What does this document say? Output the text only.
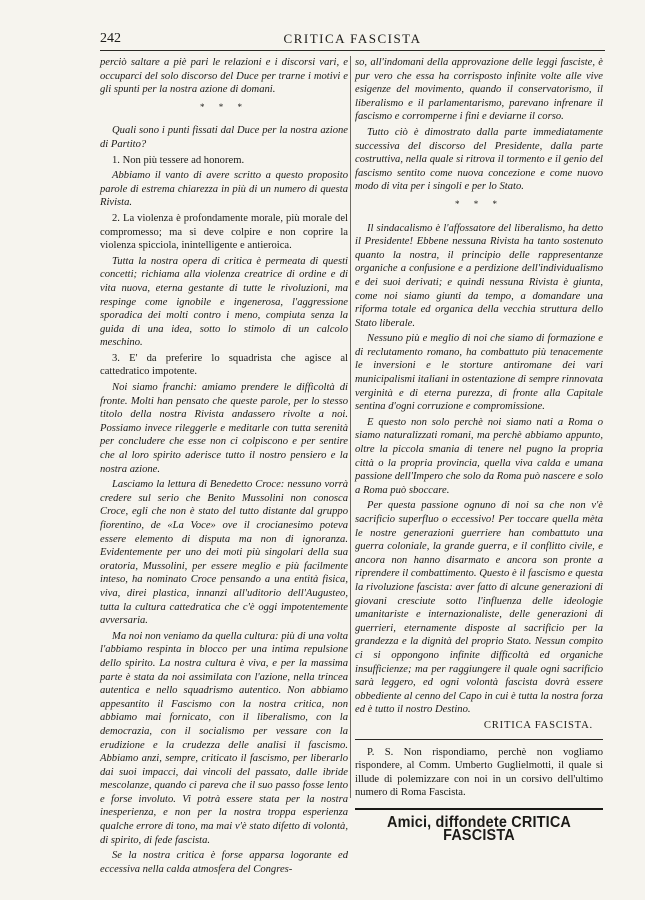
242	CRITICA FASCISTA

perciò saltare a piè pari le relazioni e i discorsi vari, e occuparci del solo discorso del Duce per trarne i motivi e gli spunti per la nostra azione di domani.

* * *

Quali sono i punti fissati dal Duce per la nostra azione di Partito?

1. Non più tessere ad honorem.

Abbiamo il vanto di avere scritto a questo proposito parole di estrema chiarezza in più di un numero di questa Rivista.

2. La violenza è profondamente morale, più morale del compromesso; ma si deve colpire e non coprire la violenza spicciola, inintelligente e antieroica.

Tutta la nostra opera di critica è permeata di questi concetti; richiama alla violenza creatrice di ordine e di vita nuova, eterna gestante di tutte le rivoluzioni, ma respinge come ignobile e ingenerosa, l'aggressione sporadica dei molti contro i meno, compiuta senza la guida di una idea, sotto lo stimolo di un calcolo meschino.

3. E' da preferire lo squadrista che agisce al cattedratico impotente.

Noi siamo franchi: amiamo prendere le difficoltà di fronte. Molti han pensato che queste parole, per lo stesso titolo della nostra Rivista andassero rivolte a noi. Possiamo invece rileggerle e meditarle con tutta serenità per concludere che esse non ci colpiscono e per sentire che al loro spirito aderisce tutto il nostro pensiero e la nostra azione.

Lasciamo la lettura di Benedetto Croce: nessuno vorrà credere sul serio che Benito Mussolini non conosca Croce, egli che non è stato del tutto distante dal gruppo fiorentino, de «La Voce» ove il crocianesimo poteva essere elemento di disputa ma non di ignoranza. Evidentemente per uno dei moti più singolari della sua oratoria, Mussolini, per essere meglio e più facilmente inteso, ha nominato Croce pensando a una entità fisica, viva, direi plastica, innanzi all'uditorio dell'Augusteo, tutta la cultura cattedratica che c'è oggi impotentemente avversaria.

Ma noi non veniamo da quella cultura: più di una volta l'abbiamo respinta in blocco per una intima repulsione dello spirito. La nostra cultura è viva, e per la massima parte è stata da noi assimilata con l'azione, nella trincea autentica e nello squadrismo autentico. Non abbiamo appesantito il Fascismo con la nostra critica, non abbiamo mai fornicato, con il liberalismo, con la democrazia, con il socialismo per vessare con la erudizione e la crudezza delle analisi il fascismo. Abbiamo anzi, sempre, criticato il fascismo, per liberarlo dai suoi impacci, dai vincoli del passato, dalle ibride mescolanze, quando ci pareva che il suo passo fosse lento e forse involuto. Vi potrà essere stata per la nostra inesperienza, e non per la nostra troppa esperienza qualche errore di tono, ma mai v'è stato difetto di volontà, di spirito, di fede fascista.

Se la nostra critica è forse apparsa logorante ed eccessiva nella calda atmosfera del Congres-

so, all'indomani della approvazione delle leggi fasciste, è pur vero che essa ha corrisposto infinite volte alle vive esigenze del movimento, quando il conservatorismo, il liberalismo e il parlamentarismo, parevano infrenare il fascismo e corromperne i fini e deviarne il corso.

Tutto ciò è dimostrato dalla parte immediatamente successiva del discorso del Presidente, dalla parte costruttiva, nella quale si ritrova il tormento e il genio del fascismo sentito come nuova concezione e come nuovo modo di vita per i singoli e per lo Stato.

* * *

Il sindacalismo è l'affossatore del liberalismo, ha detto il Presidente! Ebbene nessuna Rivista ha tanto sostenuto quanto la nostra, il principio delle rappresentanze organiche a confusione e a perdizione dell'individualismo e dei suoi derivati; e quindi nessuna Rivista è giunta, come noi siamo giunti da tempo, a domandare una riforma totale ed organica della vecchia struttura dello Stato liberale.

Nessuno più e meglio di noi che siamo di formazione e di reclutamento romano, ha combattuto più tenacemente le inversioni e le storture antiromane dei vari municipalismi italiani in ostentazione di sempre rinnovata verginità e di eterna purezza, di fronte alla Capitale sentina d'ogni corruzione e compromissione.

E questo non solo perchè noi siamo nati a Roma o siamo naturalizzati romani, ma perchè abbiamo appunto, oltre la piccola smania di tenere nel pugno la propria città o la propria provincia, quella viva calda e umana passione dell'Impero che solo da Roma può nascere e solo a Roma può sboccare.

Per questa passione ognuno di noi sa che non v'è sacrificio superfluo o eccessivo! Per toccare quella mèta le nostre generazioni guerriere han combattuto una guerra coloniale, la grande guerra, e il conflitto civile, e ancora non hanno disarmato e ancora son pronte a riprendere il combattimento. Questo è il fascismo e questa la rivoluzione fascista: aver fatto di alcune generazioni di giovani cresciute sotto l'influenza delle ideologie umanitariste e internazionaliste, delle generazioni di guerrieri, eternamente disposte al sacrificio per la grandezza e la dignità del proprio Stato. Nessun compito ci si oppongono infinite difficoltà ed organiche insufficienze; ma per raggiungere il quale ogni sacrificio sarà leggero, ed ogni volontà fascista dovrà essere obbediente al cenno del Capo in cui è tutta la nostra forza ed è tutto il nostro Destino.

CRITICA FASCISTA.

P. S. Non rispondiamo, perchè non vogliamo rispondere, al Comm. Umberto Guglielmotti, il quale si illude di polemizzare con noi in un corsivo dell'ultimo numero di Roma Fascista.

Amici, diffondete CRITICA FASCISTA
